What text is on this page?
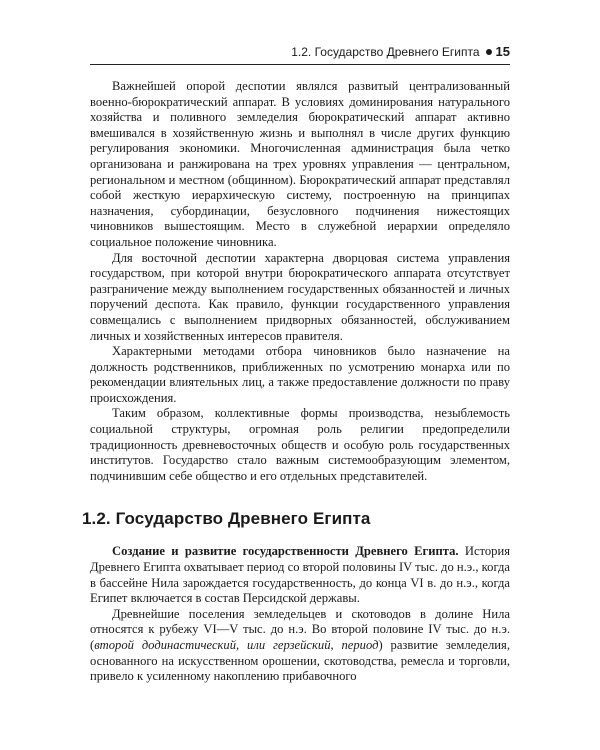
1.2. Государство Древнего Египта 15

Важнейшей опорой деспотии являлся развитый централизованный военно-бюрократический аппарат. В условиях доминирования натурального хозяйства и поливного земледелия бюрократический аппарат активно вмешивался в хозяйственную жизнь и выполнял в числе других функцию регулирования экономики. Многочисленная администрация была четко организована и ранжирована на трех уровнях управления — центральном, региональном и местном (общинном). Бюрократический аппарат представлял собой жесткую иерархическую систему, построенную на принципах назначения, субординации, безусловного подчинения нижестоящих чиновников вышестоящим. Место в служебной иерархии определяло социальное положение чиновника.

Для восточной деспотии характерна дворцовая система управления государством, при которой внутри бюрократического аппарата отсутствует разграничение между выполнением государственных обязанностей и личных поручений деспота. Как правило, функции государственного управления совмещались с выполнением придворных обязанностей, обслуживанием личных и хозяйственных интересов правителя.

Характерными методами отбора чиновников было назначение на должность родственников, приближенных по усмотрению монарха или по рекомендации влиятельных лиц, а также предоставление должности по праву происхождения.

Таким образом, коллективные формы производства, незыблемость социальной структуры, огромная роль религии предопределили традиционность древневосточных обществ и особую роль государственных институтов. Государство стало важным системообразующим элементом, подчинившим себе общество и его отдельных представителей.

1.2. Государство Древнего Египта

Создание и развитие государственности Древнего Египта. История Древнего Египта охватывает период со второй половины IV тыс. до н.э., когда в бассейне Нила зарождается государственность, до конца VI в. до н.э., когда Египет включается в состав Персидской державы.

Древнейшие поселения земледельцев и скотоводов в долине Нила относятся к рубежу VI—V тыс. до н.э. Во второй половине IV тыс. до н.э. (второй додинастический, или герзейский, период) развитие земледелия, основанного на искусственном орошении, скотоводства, ремесла и торговли, привело к усиленному накоплению прибавочного
